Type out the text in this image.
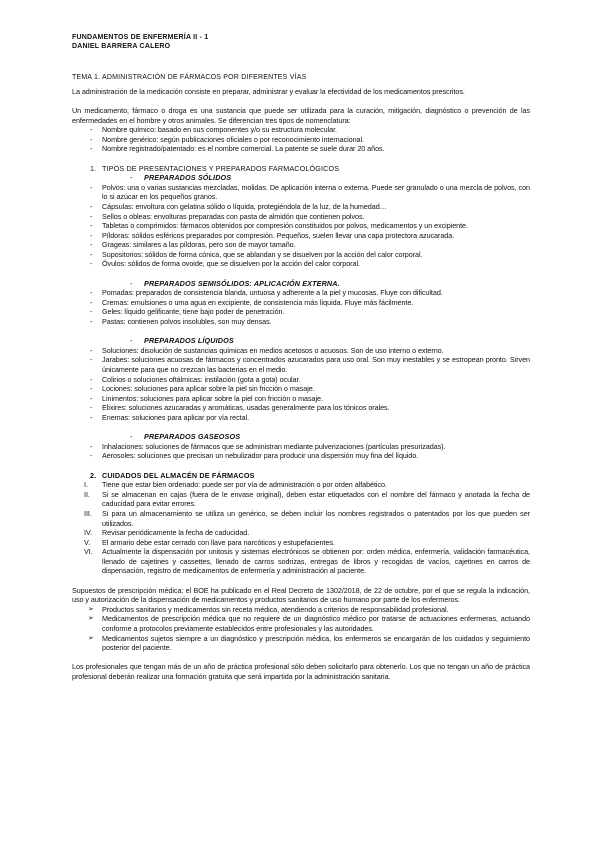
FUNDAMENTOS DE ENFERMERÍA II - 1
DANIEL BARRERA CALERO
TEMA 1. ADMINISTRACIÓN DE FÁRMACOS POR DIFERENTES VÍAS

La administración de la medicación consiste en preparar, administrar y evaluar la efectividad de los medicamentos prescritos.

Un medicamento, fármaco o droga es una sustancia que puede ser utilizada para la curación, mitigación, diagnóstico o prevención de las enfermedades en el hombre y otros animales. Se diferencian tres tipos de nomenclatura:

- Nombre químico: basado en sus componentes y/o su estructura molecular.
- Nombre genérico: según publicaciones oficiales o por reconocimiento internacional.
- Nombre registrado/patentado: es el nombre comercial. La patente se suele durar 20 años.
1. TIPOS DE PRESENTACIONES Y PREPARADOS FARMACOLÓGICOS
- PREPARADOS SÓLIDOS
- Polvos: una o varias sustancias mezcladas, molidas. De aplicación interna o externa. Puede ser granulado o una mezcla de polvos, con lo si azúcar en los pequeños granos.
- Cápsulas: envoltura con gelatina sólido o líquida, protegiéndola de la luz, de la humedad…
- Sellos o obleas: envolturas preparadas con pasta de almidón que contienen polvos.
- Tabletas o comprimidos: fármacos obtenidos por compresión constituidos por polvos, medicamentos y un excipiente.
- Píldoras: sólidos esféricos preparados por compresión. Pequeños, suelen llevar una capa protectora azucarada.
- Grageas: similares a las píldoras, pero son de mayor tamaño.
- Supositorios: sólidos de forma cónica, que se ablandan y se disuelven por la acción del calor corporal.
- Óvulos: sólidos de forma ovoide, que se disuelven por la acción del calor corporal.
- PREPARADOS SEMISÓLIDOS: APLICACIÓN EXTERNA.
- Pomadas: preparados de consistencia blanda, untuosa y adherente a la piel y mucosas. Fluye con dificultad.
- Cremas: emulsiones o uma agua en excipiente, de consistencia más líquida. Fluye más fácilmente.
- Geles: líquido gelificante, tiene bajo poder de penetración.
- Pastas: contienen polvos insolubles, son muy densas.
- PREPARADOS LÍQUIDOS
- Soluciones: disolución de sustancias químicas en medios acetosos o acuosos. Son de uso interno o externo.
- Jarabes: soluciones acuosas de fármacos y concentrados azucarados para uso oral. Son muy inestables y se estropean pronto. Sirven únicamente para que no crezcan las bacterias en el medio.
- Colirios o soluciones oftálmicas: instilación (gota a gota) ocular.
- Lociones: soluciones para aplicar sobre la piel sin fricción o masaje.
- Linimentos: soluciones para aplicar sobre la piel con fricción o masaje.
- Elixires: soluciones azucaradas y aromáticas, usadas generalmente para los tónicos orales.
- Enemas: soluciones para aplicar por vía rectal.
- PREPARADOS GASEOSOS
- Inhalaciones: soluciones de fármacos que se administran mediante pulverizaciones (partículas presurizadas).
- Aerosoles: soluciones que precisan un nebulizador para producir una dispersión muy fina del líquido.
2. CUIDADOS DEL ALMACÉN DE FÁRMACOS
I. Tiene que estar bien ordenado: puede ser por vía de administración o por orden alfabético.
II. Si se almacenan en cajas (fuera de le envase original), deben estar etiquetados con el nombre del fármaco y anotada la fecha de caducidad para evitar errores.
III. Si para un almacenamiento se utiliza un genérico, se deben incluir los nombres registrados o patentados por los que pueden ser utilizados.
IV. Revisar periódicamente la fecha de caducidad.
V. El armario debe estar cerrado con llave para narcóticos y estupefacientes.
VI. Actualmente la dispensación por unitosis y sistemas electrónicos se obtienen por: orden médica, enfermería, validación farmacéutica, llenado de cajetines y cassettes, llenado de carros sodrizas, entregas de libros y recogidas de vacíos, cajetines en carros de dispensación, registro de medicamentos de enfermería y administración al paciente.

Supuestos de prescripción médica: el BOE ha publicado en el Real Decreto de 1302/2018, de 22 de octubre, por el que se regula la indicación, uso y autorización de la dispensación de medicamentos y productos sanitarios de uso humano por parte de los enfermeros.

➢ Productos sanitarios y medicamentos sin receta médica, atendiendo a criterios de responsabilidad profesional.
➢ Medicamentos de prescripción médica que no requiere de un diagnóstico médico por tratarse de actuaciones enfermeras, actuando conforme a protocolos previamente establecidos entre profesionales y las autoridades.
➢ Medicamentos sujetos siempre a un diagnóstico y prescripción médica, los enfermeros se encargarán de los cuidados y seguimiento posterior del paciente.

Los profesionales que tengan más de un año de práctica profesional sólo deben solicitarlo para obtenerlo. Los que no tengan un año de práctica profesional deberán realizar una formación gratuita que será impartida por la administración sanitaria.
